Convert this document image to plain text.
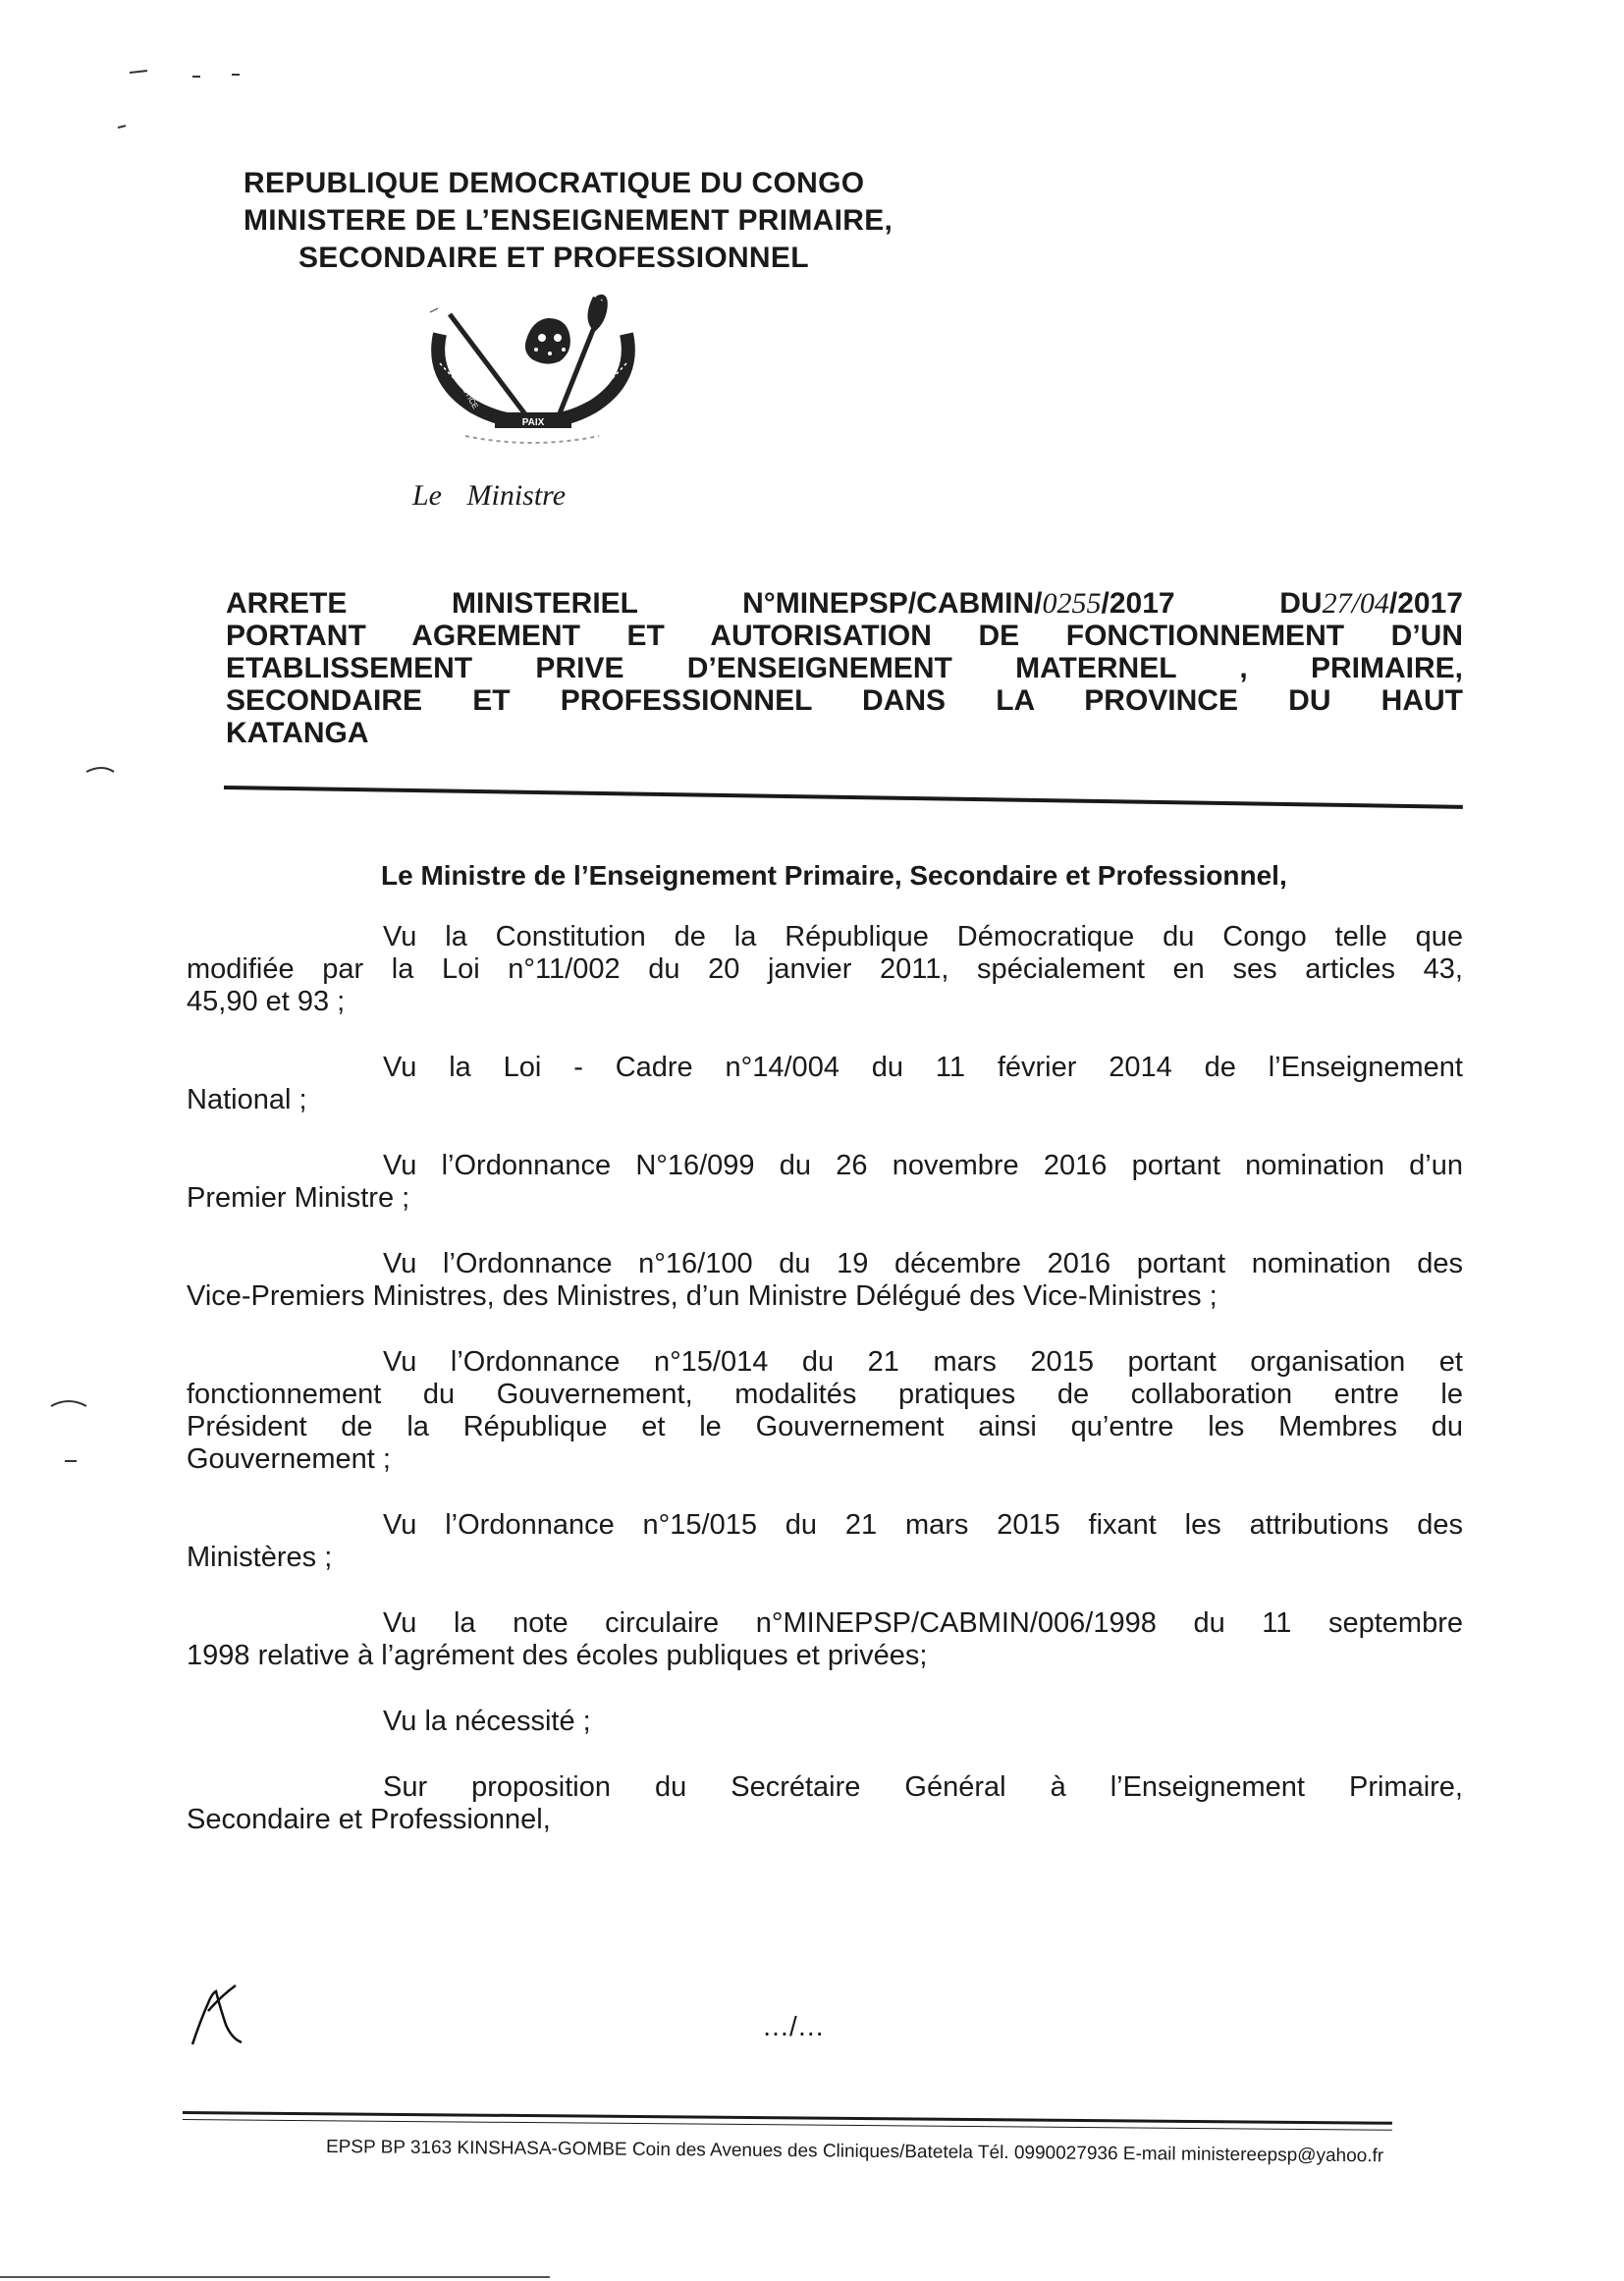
REPUBLIQUE DEMOCRATIQUE DU CONGO
MINISTERE DE L’ENSEIGNEMENT PRIMAIRE,
SECONDAIRE ET PROFESSIONNEL
PAIX
JUSTICE
TRAVAIL
Le Ministre
ARRETE	MINISTERIEL	N°MINEPSP/CABMIN/0255/2017	DU27/04/2017
PORTANT AGREMENT ET AUTORISATION DE FONCTIONNEMENT D’UN
ETABLISSEMENT PRIVE D’ENSEIGNEMENT MATERNEL , PRIMAIRE,
SECONDAIRE ET PROFESSIONNEL DANS LA PROVINCE DU HAUT
KATANGA
Le Ministre de l’Enseignement Primaire, Secondaire et Professionnel,
Vu la Constitution de la République Démocratique du Congo telle que
modifiée par la Loi n°11/002 du 20 janvier 2011, spécialement en ses articles 43,
45,90 et 93 ;
Vu la Loi - Cadre n°14/004 du 11 février 2014 de l’Enseignement
National ;
Vu l’Ordonnance N°16/099 du 26 novembre 2016 portant nomination d’un
Premier Ministre ;
Vu l’Ordonnance n°16/100 du 19 décembre 2016 portant nomination des
Vice-Premiers Ministres, des Ministres, d’un Ministre Délégué des Vice-Ministres ;
Vu l’Ordonnance n°15/014 du 21 mars 2015 portant organisation et
fonctionnement du Gouvernement, modalités pratiques de collaboration entre le
Président de la République et le Gouvernement ainsi qu’entre les Membres du
Gouvernement ;
Vu l’Ordonnance n°15/015 du 21 mars 2015 fixant les attributions des
Ministères ;
Vu la note circulaire n°MINEPSP/CABMIN/006/1998 du 11 septembre
1998 relative à l’agrément des écoles publiques et privées;
Vu la nécessité ;
Sur proposition du Secrétaire Général à l’Enseignement Primaire,
Secondaire et Professionnel,
…/…
EPSP BP 3163 KINSHASA-GOMBE Coin des Avenues des Cliniques/Batetela Tél. 0990027936 E-mail ministereepsp@yahoo.fr
